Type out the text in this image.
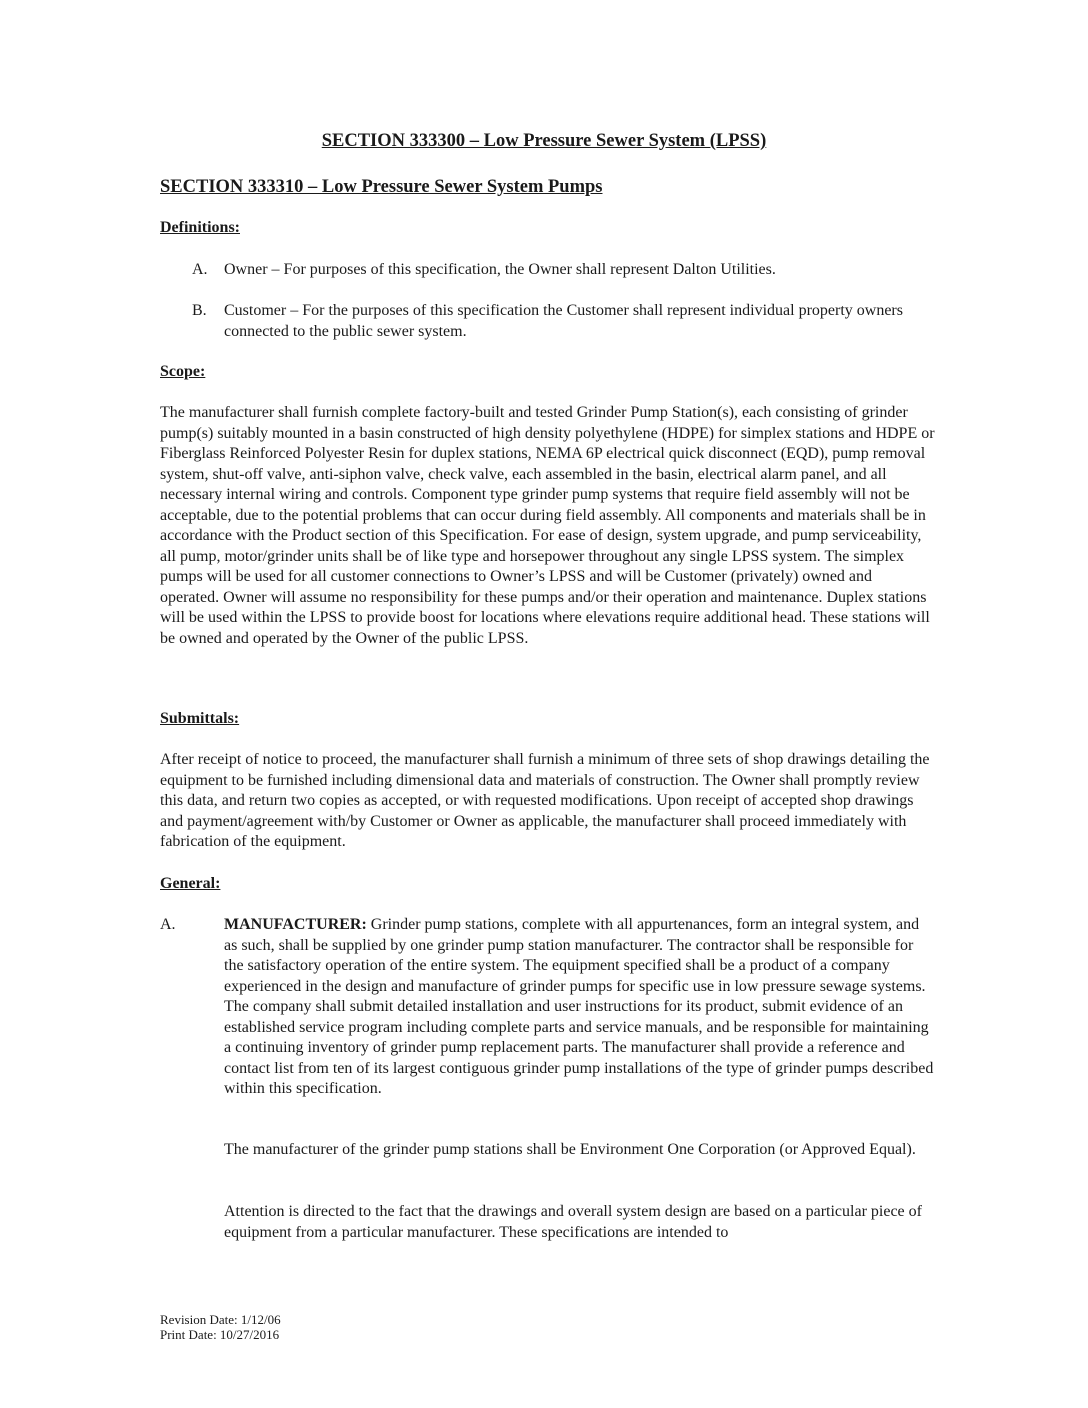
SECTION 333300 – Low Pressure Sewer System (LPSS)
SECTION 333310 – Low Pressure Sewer System Pumps
Definitions:
A. Owner – For purposes of this specification, the Owner shall represent Dalton Utilities.
B. Customer – For the purposes of this specification the Customer shall represent individual property owners connected to the public sewer system.
Scope:

The manufacturer shall furnish complete factory-built and tested Grinder Pump Station(s), each consisting of grinder pump(s) suitably mounted in a basin constructed of high density polyethylene (HDPE) for simplex stations and HDPE or Fiberglass Reinforced Polyester Resin for duplex stations, NEMA 6P electrical quick disconnect (EQD), pump removal system, shut-off valve, anti-siphon valve, check valve, each assembled in the basin, electrical alarm panel, and all necessary internal wiring and controls. Component type grinder pump systems that require field assembly will not be acceptable, due to the potential problems that can occur during field assembly. All components and materials shall be in accordance with the Product section of this Specification. For ease of design, system upgrade, and pump serviceability, all pump, motor/grinder units shall be of like type and horsepower throughout any single LPSS system. The simplex pumps will be used for all customer connections to Owner’s LPSS and will be Customer (privately) owned and operated. Owner will assume no responsibility for these pumps and/or their operation and maintenance. Duplex stations will be used within the LPSS to provide boost for locations where elevations require additional head. These stations will be owned and operated by the Owner of the public LPSS.

Submittals:

After receipt of notice to proceed, the manufacturer shall furnish a minimum of three sets of shop drawings detailing the equipment to be furnished including dimensional data and materials of construction. The Owner shall promptly review this data, and return two copies as accepted, or with requested modifications. Upon receipt of accepted shop drawings and payment/agreement with/by Customer or Owner as applicable, the manufacturer shall proceed immediately with fabrication of the equipment.

General:
A.	MANUFACTURER: Grinder pump stations, complete with all appurtenances, form an integral system, and as such, shall be supplied by one grinder pump station manufacturer. The contractor shall be responsible for the satisfactory operation of the entire system. The equipment specified shall be a product of a company experienced in the design and manufacture of grinder pumps for specific use in low pressure sewage systems. The company shall submit detailed installation and user instructions for its product, submit evidence of an established service program including complete parts and service manuals, and be responsible for maintaining a continuing inventory of grinder pump replacement parts. The manufacturer shall provide a reference and contact list from ten of its largest contiguous grinder pump installations of the type of grinder pumps described within this specification.

The manufacturer of the grinder pump stations shall be Environment One Corporation (or Approved Equal).

Attention is directed to the fact that the drawings and overall system design are based on a particular piece of equipment from a particular manufacturer. These specifications are intended to

Revision Date: 1/12/06
Print Date: 10/27/2016
